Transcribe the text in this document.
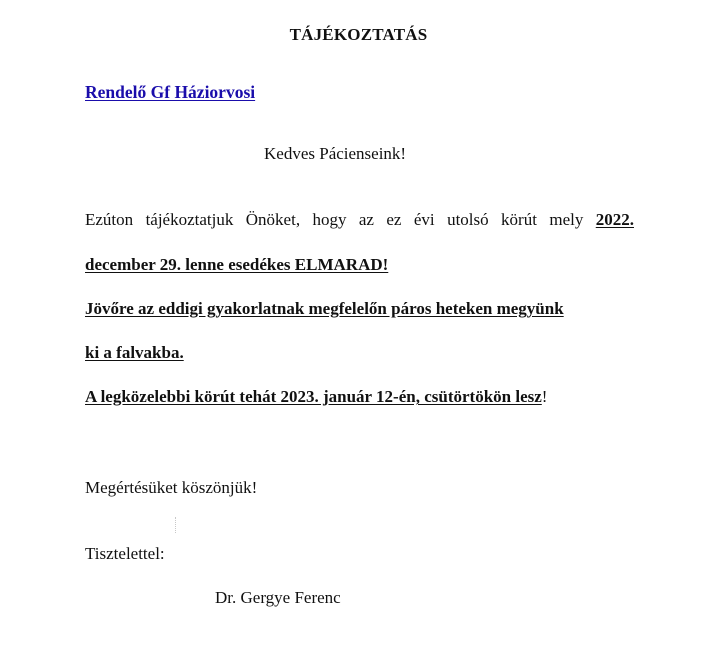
TÁJÉKOZTATÁS
Rendelő Gf Háziorvosi
Kedves Pácienseink!
Ezúton tájékoztatjuk Önöket, hogy az ez évi utolsó körút mely 2022.
december 29. lenne esedékes ELMARAD!
Jövőre az eddigi gyakorlatnak megfelelőn páros heteken megyünk
ki a falvakba.
A legközelebbi körút tehát 2023. január 12-én, csütörtökön lesz!
Megértésüket köszönjük!
Tisztelettel:
Dr. Gergye Ferenc
